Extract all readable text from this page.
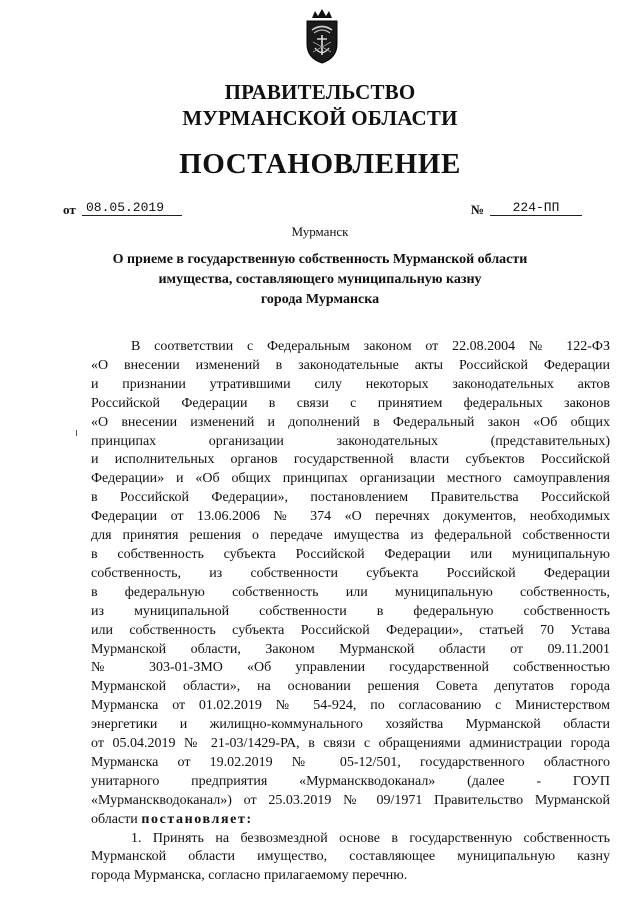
ПРАВИТЕЛЬСТВО
МУРМАНСКОЙ ОБЛАСТИ
ПОСТАНОВЛЕНИЕ
от 08.05.2019	№	224-ПП
Мурманск
О приеме в государственную собственность Мурманской области
имущества, составляющего муниципальную казну
города Мурманска
В соответствии с Федеральным законом от 22.08.2004 № 122-ФЗ
«О внесении изменений в законодательные акты Российской Федерации
и признании утратившими силу некоторых законодательных актов
Российской Федерации в связи с принятием федеральных законов
«О внесении изменений и дополнений в Федеральный закон «Об общих
принципах организации законодательных (представительных)
и исполнительных органов государственной власти субъектов Российской
Федерации» и «Об общих принципах организации местного самоуправления
в Российской Федерации», постановлением Правительства Российской
Федерации от 13.06.2006 № 374 «О перечнях документов, необходимых
для принятия решения о передаче имущества из федеральной собственности
в собственность субъекта Российской Федерации или муниципальную
собственность, из собственности субъекта Российской Федерации
в федеральную собственность или муниципальную собственность,
из муниципальной собственности в федеральную собственность
или собственность субъекта Российской Федерации», статьей 70 Устава
Мурманской области, Законом Мурманской области от 09.11.2001
№ 303-01-ЗМО «Об управлении государственной собственностью
Мурманской области», на основании решения Совета депутатов города
Мурманска от 01.02.2019 № 54-924, по согласованию с Министерством
энергетики и жилищно-коммунального хозяйства Мурманской области
от 05.04.2019 № 21-03/1429-РА, в связи с обращениями администрации города
Мурманска от 19.02.2019 № 05-12/501, государственного областного
унитарного предприятия «Мурманскводоканал» (далее - ГОУП
«Мурманскводоканал») от 25.03.2019 № 09/1971 Правительство Мурманской
области постановляет:
1. Принять на безвозмездной основе в государственную собственность
Мурманской области имущество, составляющее муниципальную казну
города Мурманска, согласно прилагаемому перечню.
